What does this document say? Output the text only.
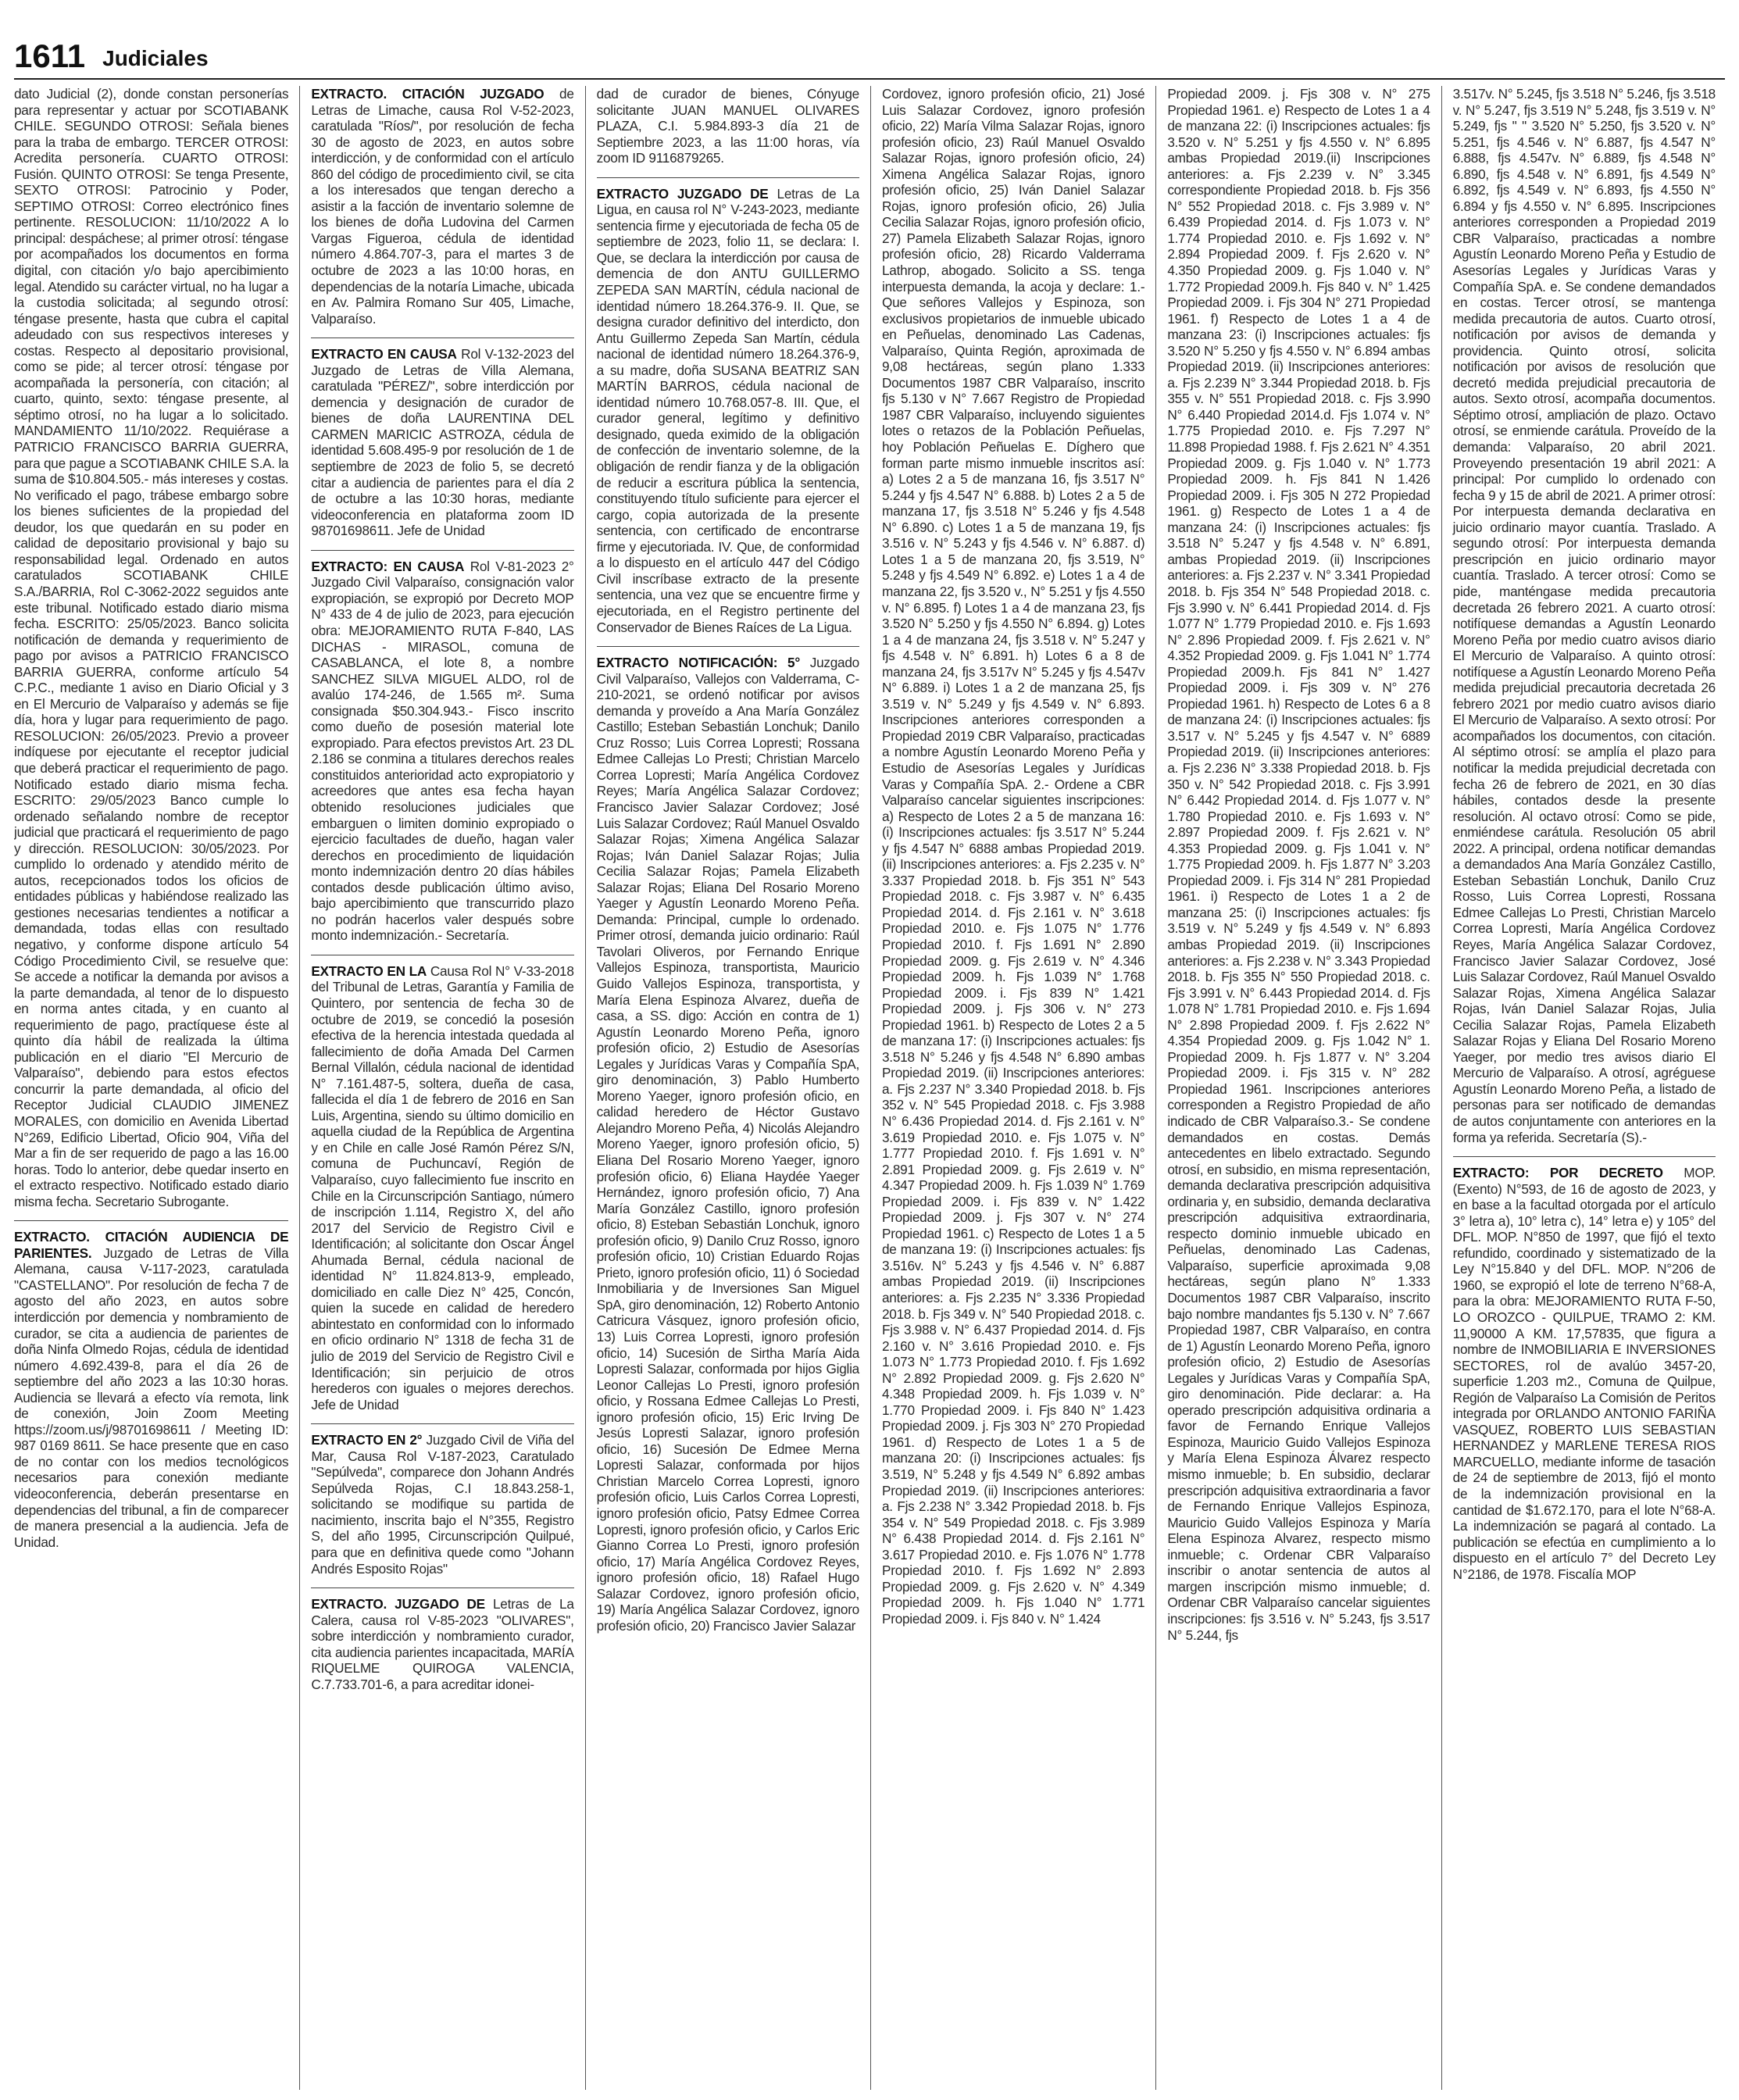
1611 Judiciales

dato Judicial (2), donde constan personerías para representar y actuar por SCOTIABANK CHILE. SEGUNDO OTROSI: Señala bienes para la traba de embargo. TERCER OTROSI: Acredita personería. CUARTO OTROSI: Fusión. QUINTO OTROSI: Se tenga Presente, SEXTO OTROSI: Patrocinio y Poder, SEPTIMO OTROSI: Correo electrónico fines pertinente. RESOLUCION: 11/10/2022 A lo principal: despáchese; al primer otrosí: téngase por acompañados los documentos en forma digital, con citación y/o bajo apercibimiento legal. Atendido su carácter virtual, no ha lugar a la custodia solicitada; al segundo otrosí: téngase presente, hasta que cubra el capital adeudado con sus respectivos intereses y costas. Respecto al depositario provisional, como se pide; al tercer otrosí: téngase por acompañada la personería, con citación; al cuarto, quinto, sexto: téngase presente, al séptimo otrosí, no ha lugar a lo solicitado. MANDAMIENTO 11/10/2022. Requiérase a PATRICIO FRANCISCO BARRIA GUERRA, para que pague a SCOTIABANK CHILE S.A. la suma de $10.804.505.- más intereses y costas. No verificado el pago, trábese embargo sobre los bienes suficientes de la propiedad del deudor, los que quedarán en su poder en calidad de depositario provisional y bajo su responsabilidad legal. Ordenado en autos caratulados SCOTIABANK CHILE S.A./BARRIA, Rol C-3062-2022 seguidos ante este tribunal. Notificado estado diario misma fecha. ESCRITO: 25/05/2023. Banco solicita notificación de demanda y requerimiento de pago por avisos a PATRICIO FRANCISCO BARRIA GUERRA, conforme artículo 54 C.P.C., mediante 1 aviso en Diario Oficial y 3 en El Mercurio de Valparaíso y además se fije día, hora y lugar para requerimiento de pago. RESOLUCION: 26/05/2023. Previo a proveer indíquese por ejecutante el receptor judicial que deberá practicar el requerimiento de pago. Notificado estado diario misma fecha. ESCRITO: 29/05/2023 Banco cumple lo ordenado señalando nombre de receptor judicial que practicará el requerimiento de pago y dirección. RESOLUCION: 30/05/2023. Por cumplido lo ordenado y atendido mérito de autos, recepcionados todos los oficios de entidades públicas y habiéndose realizado las gestiones necesarias tendientes a notificar a demandada, todas ellas con resultado negativo, y conforme dispone artículo 54 Código Procedimiento Civil, se resuelve que: Se accede a notificar la demanda por avisos a la parte demandada, al tenor de lo dispuesto en norma antes citada, y en cuanto al requerimiento de pago, practíquese éste al quinto día hábil de realizada la última publicación en el diario "El Mercurio de Valparaíso", debiendo para estos efectos concurrir la parte demandada, al oficio del Receptor Judicial CLAUDIO JIMENEZ MORALES, con domicilio en Avenida Libertad N°269, Edificio Libertad, Oficio 904, Viña del Mar a fin de ser requerido de pago a las 16.00 horas. Todo lo anterior, debe quedar inserto en el extracto respectivo. Notificado estado diario misma fecha. Secretario Subrogante.

EXTRACTO. CITACIÓN AUDIENCIA DE PARIENTES. Juzgado de Letras de Villa Alemana, causa V-117-2023, caratulada "CASTELLANO". Por resolución de fecha 7 de agosto del año 2023, en autos sobre interdicción por demencia y nombramiento de curador, se cita a audiencia de parientes de doña Ninfa Olmedo Rojas, cédula de identidad número 4.692.439-8, para el día 26 de septiembre del año 2023 a las 10:30 horas. Audiencia se llevará a efecto vía remota, link de conexión, Join Zoom Meeting https://zoom.us/j/98701698611 / Meeting ID: 987 0169 8611. Se hace presente que en caso de no contar con los medios tecnológicos necesarios para conexión mediante videoconferencia, deberán presentarse en dependencias del tribunal, a fin de comparecer de manera presencial a la audiencia. Jefa de Unidad.

EXTRACTO. CITACIÓN JUZGADO de Letras de Limache, causa Rol V-52-2023, caratulada "Ríos/", por resolución de fecha 30 de agosto de 2023, en autos sobre interdicción, y de conformidad con el artículo 860 del código de procedimiento civil, se cita a los interesados que tengan derecho a asistir a la facción de inventario solemne de los bienes de doña Ludovina del Carmen Vargas Figueroa, cédula de identidad número 4.864.707-3, para el martes 3 de octubre de 2023 a las 10:00 horas, en dependencias de la notaría Limache, ubicada en Av. Palmira Romano Sur 405, Limache, Valparaíso.

EXTRACTO EN CAUSA Rol V-132-2023 del Juzgado de Letras de Villa Alemana, caratulada "PÉREZ/", sobre interdicción por demencia y designación de curador de bienes de doña LAURENTINA DEL CARMEN MARICIC ASTROZA, cédula de identidad 5.608.495-9 por resolución de 1 de septiembre de 2023 de folio 5, se decretó citar a audiencia de parientes para el día 2 de octubre a las 10:30 horas, mediante videoconferencia en plataforma zoom ID 98701698611. Jefe de Unidad

EXTRACTO: EN CAUSA Rol V-81-2023 2° Juzgado Civil Valparaíso, consignación valor expropiación, se expropió por Decreto MOP N° 433 de 4 de julio de 2023, para ejecución obra: MEJORAMIENTO RUTA F-840, LAS DICHAS - MIRASOL, comuna de CASABLANCA, el lote 8, a nombre SANCHEZ SILVA MIGUEL ALDO, rol de avalúo 174-246, de 1.565 m². Suma consignada $50.304.943.- Fisco inscrito como dueño de posesión material lote expropiado. Para efectos previstos Art. 23 DL 2.186 se conmina a titulares derechos reales constituidos anterioridad acto expropiatorio y acreedores que antes esa fecha hayan obtenido resoluciones judiciales que embarguen o limiten dominio expropiado o ejercicio facultades de dueño, hagan valer derechos en procedimiento de liquidación monto indemnización dentro 20 días hábiles contados desde publicación último aviso, bajo apercibimiento que transcurrido plazo no podrán hacerlos valer después sobre monto indemnización.- Secretaría.

EXTRACTO EN LA Causa Rol N° V-33-2018 del Tribunal de Letras, Garantía y Familia de Quintero, por sentencia de fecha 30 de octubre de 2019, se concedió la posesión efectiva de la herencia intestada quedada al fallecimiento de doña Amada Del Carmen Bernal Villalón, cédula nacional de identidad N° 7.161.487-5, soltera, dueña de casa, fallecida el día 1 de febrero de 2016 en San Luis, Argentina, siendo su último domicilio en aquella ciudad de la República de Argentina y en Chile en calle José Ramón Pérez S/N, comuna de Puchuncaví, Región de Valparaíso, cuyo fallecimiento fue inscrito en Chile en la Circunscripción Santiago, número de inscripción 1.114, Registro X, del año 2017 del Servicio de Registro Civil e Identificación; al solicitante don Oscar Ángel Ahumada Bernal, cédula nacional de identidad N° 11.824.813-9, empleado, domiciliado en calle Diez N° 425, Concón, quien la sucede en calidad de heredero abintestato en conformidad con lo informado en oficio ordinario N° 1318 de fecha 31 de julio de 2019 del Servicio de Registro Civil e Identificación; sin perjuicio de otros herederos con iguales o mejores derechos. Jefe de Unidad

EXTRACTO EN 2° Juzgado Civil de Viña del Mar, Causa Rol V-187-2023, Caratulado "Sepúlveda", comparece don Johann Andrés Sepúlveda Rojas, C.I 18.843.258-1, solicitando se modifique su partida de nacimiento, inscrita bajo el N°355, Registro S, del año 1995, Circunscripción Quilpué, para que en definitiva quede como "Johann Andrés Esposito Rojas"

EXTRACTO. JUZGADO DE Letras de La Calera, causa rol V-85-2023 "OLIVARES", sobre interdicción y nombramiento curador, cita audiencia parientes incapacitada, MARÍA RIQUELME QUIROGA VALENCIA, C.7.733.701-6, a para acreditar idonei-

dad de curador de bienes, Cónyuge solicitante JUAN MANUEL OLIVARES PLAZA, C.I. 5.984.893-3 día 21 de Septiembre 2023, a las 11:00 horas, vía zoom ID 9116879265.

EXTRACTO JUZGADO DE Letras de La Ligua, en causa rol N° V-243-2023, mediante sentencia firme y ejecutoriada de fecha 05 de septiembre de 2023, folio 11, se declara: I. Que, se declara la interdicción por causa de demencia de don ANTU GUILLERMO ZEPEDA SAN MARTÍN, cédula nacional de identidad número 18.264.376-9. II. Que, se designa curador definitivo del interdicto, don Antu Guillermo Zepeda San Martín, cédula nacional de identidad número 18.264.376-9, a su madre, doña SUSANA BEATRIZ SAN MARTÍN BARROS, cédula nacional de identidad número 10.768.057-8. III. Que, el curador general, legítimo y definitivo designado, queda eximido de la obligación de confección de inventario solemne, de la obligación de rendir fianza y de la obligación de reducir a escritura pública la sentencia, constituyendo título suficiente para ejercer el cargo, copia autorizada de la presente sentencia, con certificado de encontrarse firme y ejecutoriada. IV. Que, de conformidad a lo dispuesto en el artículo 447 del Código Civil inscríbase extracto de la presente sentencia, una vez que se encuentre firme y ejecutoriada, en el Registro pertinente del Conservador de Bienes Raíces de La Ligua.

EXTRACTO NOTIFICACIÓN: 5° Juzgado Civil Valparaíso, Vallejos con Valderrama, C-210-2021, se ordenó notificar por avisos demanda y proveído a Ana María González Castillo; Esteban Sebastián Lonchuk; Danilo Cruz Rosso; Luis Correa Lopresti; Rossana Edmee Callejas Lo Presti; Christian Marcelo Correa Lopresti; María Angélica Cordovez Reyes; María Angélica Salazar Cordovez; Francisco Javier Salazar Cordovez; José Luis Salazar Cordovez; Raúl Manuel Osvaldo Salazar Rojas; Ximena Angélica Salazar Rojas; Iván Daniel Salazar Rojas; Julia Cecilia Salazar Rojas; Pamela Elizabeth Salazar Rojas; Eliana Del Rosario Moreno Yaeger y Agustín Leonardo Moreno Peña. Demanda: Principal, cumple lo ordenado. Primer otrosí, demanda juicio ordinario: Raúl Tavolari Oliveros, por Fernando Enrique Vallejos Espinoza, transportista, Mauricio Guido Vallejos Espinoza, transportista, y María Elena Espinoza Alvarez, dueña de casa, a SS. digo: Acción en contra de 1) Agustín Leonardo Moreno Peña, ignoro profesión oficio, 2) Estudio de Asesorías Legales y Jurídicas Varas y Compañía SpA, giro denominación, 3) Pablo Humberto Moreno Yaeger, ignoro profesión oficio, en calidad heredero de Héctor Gustavo Alejandro Moreno Peña, 4) Nicolás Alejandro Moreno Yaeger, ignoro profesión oficio, 5) Eliana Del Rosario Moreno Yaeger, ignoro profesión oficio, 6) Eliana Haydée Yaeger Hernández, ignoro profesión oficio, 7) Ana María González Castillo, ignoro profesión oficio, 8) Esteban Sebastián Lonchuk, ignoro profesión oficio, 9) Danilo Cruz Rosso, ignoro profesión oficio, 10) Cristian Eduardo Rojas Prieto, ignoro profesión oficio, 11) ó Sociedad Inmobiliaria y de Inversiones San Miguel SpA, giro denominación, 12) Roberto Antonio Catricura Vásquez, ignoro profesión oficio, 13) Luis Correa Lopresti, ignoro profesión oficio, 14) Sucesión de Sirtha María Aida Lopresti Salazar, conformada por hijos Giglia Leonor Callejas Lo Presti, ignoro profesión oficio, y Rossana Edmee Callejas Lo Presti, ignoro profesión oficio, 15) Eric Irving De Jesús Lopresti Salazar, ignoro profesión oficio, 16) Sucesión De Edmee Merna Lopresti Salazar, conformada por hijos Christian Marcelo Correa Lopresti, ignoro profesión oficio, Luis Carlos Correa Lopresti, ignoro profesión oficio, Patsy Edmee Correa Lopresti, ignoro profesión oficio, y Carlos Eric Gianno Correa Lo Presti, ignoro profesión oficio, 17) María Angélica Cordovez Reyes, ignoro profesión oficio, 18) Rafael Hugo Salazar Cordovez, ignoro profesión oficio, 19) María Angélica Salazar Cordovez, ignoro profesión oficio, 20) Francisco Javier Salazar

Cordovez, ignoro profesión oficio, 21) José Luis Salazar Cordovez, ignoro profesión oficio, 22) María Vilma Salazar Rojas, ignoro profesión oficio, 23) Raúl Manuel Osvaldo Salazar Rojas, ignoro profesión oficio, 24) Ximena Angélica Salazar Rojas, ignoro profesión oficio, 25) Iván Daniel Salazar Rojas, ignoro profesión oficio, 26) Julia Cecilia Salazar Rojas, ignoro profesión oficio, 27) Pamela Elizabeth Salazar Rojas, ignoro profesión oficio, 28) Ricardo Valderrama Lathrop, abogado. Solicito a SS. tenga interpuesta demanda, la acoja y declare: 1.- Que señores Vallejos y Espinoza, son exclusivos propietarios de inmueble ubicado en Peñuelas, denominado Las Cadenas, Valparaíso, Quinta Región, aproximada de 9,08 hectáreas, según plano 1.333 Documentos 1987 CBR Valparaíso, inscrito fjs 5.130 v N° 7.667 Registro de Propiedad 1987 CBR Valparaíso, incluyendo siguientes lotes o retazos de la Población Peñuelas, hoy Población Peñuelas E. Díghero que forman parte mismo inmueble inscritos así: a) Lotes 2 a 5 de manzana 16, fjs 3.517 N° 5.244 y fjs 4.547 N° 6.888. b) Lotes 2 a 5 de manzana 17, fjs 3.518 N° 5.246 y fjs 4.548 N° 6.890. c) Lotes 1 a 5 de manzana 19, fjs 3.516 v. N° 5.243 y fjs 4.546 v. N° 6.887. d) Lotes 1 a 5 de manzana 20, fjs 3.519, N° 5.248 y fjs 4.549 N° 6.892. e) Lotes 1 a 4 de manzana 22, fjs 3.520 v., N° 5.251 y fjs 4.550 v. N° 6.895. f) Lotes 1 a 4 de manzana 23, fjs 3.520 N° 5.250 y fjs 4.550 N° 6.894. g) Lotes 1 a 4 de manzana 24, fjs 3.518 v. N° 5.247 y fjs 4.548 v. N° 6.891. h) Lotes 6 a 8 de manzana 24, fjs 3.517v N° 5.245 y fjs 4.547v N° 6.889. i) Lotes 1 a 2 de manzana 25, fjs 3.519 v. N° 5.249 y fjs 4.549 v. N° 6.893. Inscripciones anteriores corresponden a Propiedad 2019 CBR Valparaíso, practicadas a nombre Agustín Leonardo Moreno Peña y Estudio de Asesorías Legales y Jurídicas Varas y Compañía SpA. 2.- Ordene a CBR Valparaíso cancelar siguientes inscripciones: a) Respecto de Lotes 2 a 5 de manzana 16: (i) Inscripciones actuales: fjs 3.517 N° 5.244 y fjs 4.547 N° 6888 ambas Propiedad 2019. (ii) Inscripciones anteriores: a. Fjs 2.235 v. N° 3.337 Propiedad 2018. b. Fjs 351 N° 543 Propiedad 2018. c. Fjs 3.987 v. N° 6.435 Propiedad 2014. d. Fjs 2.161 v. N° 3.618 Propiedad 2010. e. Fjs 1.075 N° 1.776 Propiedad 2010. f. Fjs 1.691 N° 2.890 Propiedad 2009. g. Fjs 2.619 v. N° 4.346 Propiedad 2009. h. Fjs 1.039 N° 1.768 Propiedad 2009. i. Fjs 839 N° 1.421 Propiedad 2009. j. Fjs 306 v. N° 273 Propiedad 1961. b) Respecto de Lotes 2 a 5 de manzana 17: (i) Inscripciones actuales: fjs 3.518 N° 5.246 y fjs 4.548 N° 6.890 ambas Propiedad 2019. (ii) Inscripciones anteriores: a. Fjs 2.237 N° 3.340 Propiedad 2018. b. Fjs 352 v. N° 545 Propiedad 2018. c. Fjs 3.988 N° 6.436 Propiedad 2014. d. Fjs 2.161 v. N° 3.619 Propiedad 2010. e. Fjs 1.075 v. N° 1.777 Propiedad 2010. f. Fjs 1.691 v. N° 2.891 Propiedad 2009. g. Fjs 2.619 v. N° 4.347 Propiedad 2009. h. Fjs 1.039 N° 1.769 Propiedad 2009. i. Fjs 839 v. N° 1.422 Propiedad 2009. j. Fjs 307 v. N° 274 Propiedad 1961. c) Respecto de Lotes 1 a 5 de manzana 19: (i) Inscripciones actuales: fjs 3.516v. N° 5.243 y fjs 4.546 v. N° 6.887 ambas Propiedad 2019. (ii) Inscripciones anteriores: a. Fjs 2.235 N° 3.336 Propiedad 2018. b. Fjs 349 v. N° 540 Propiedad 2018. c. Fjs 3.988 v. N° 6.437 Propiedad 2014. d. Fjs 2.160 v. N° 3.616 Propiedad 2010. e. Fjs 1.073 N° 1.773 Propiedad 2010. f. Fjs 1.692 N° 2.892 Propiedad 2009. g. Fjs 2.620 N° 4.348 Propiedad 2009. h. Fjs 1.039 v. N° 1.770 Propiedad 2009. i. Fjs 840 N° 1.423 Propiedad 2009. j. Fjs 303 N° 270 Propiedad 1961. d) Respecto de Lotes 1 a 5 de manzana 20: (i) Inscripciones actuales: fjs 3.519, N° 5.248 y fjs 4.549 N° 6.892 ambas Propiedad 2019. (ii) Inscripciones anteriores: a. Fjs 2.238 N° 3.342 Propiedad 2018. b. Fjs 354 v. N° 549 Propiedad 2018. c. Fjs 3.989 N° 6.438 Propiedad 2014. d. Fjs 2.161 N° 3.617 Propiedad 2010. e. Fjs 1.076 N° 1.778 Propiedad 2010. f. Fjs 1.692 N° 2.893 Propiedad 2009. g. Fjs 2.620 v. N° 4.349 Propiedad 2009. h. Fjs 1.040 N° 1.771 Propiedad 2009. i. Fjs 840 v. N° 1.424

Propiedad 2009. j. Fjs 308 v. N° 275 Propiedad 1961. e) Respecto de Lotes 1 a 4 de manzana 22: (i) Inscripciones actuales: fjs 3.520 v. N° 5.251 y fjs 4.550 v. N° 6.895 ambas Propiedad 2019.(ii) Inscripciones anteriores: a. Fjs 2.239 v. N° 3.345 correspondiente Propiedad 2018. b. Fjs 356 N° 552 Propiedad 2018. c. Fjs 3.989 v. N° 6.439 Propiedad 2014. d. Fjs 1.073 v. N° 1.774 Propiedad 2010. e. Fjs 1.692 v. N° 2.894 Propiedad 2009. f. Fjs 2.620 v. N° 4.350 Propiedad 2009. g. Fjs 1.040 v. N° 1.772 Propiedad 2009.h. Fjs 840 v. N° 1.425 Propiedad 2009. i. Fjs 304 N° 271 Propiedad 1961. f) Respecto de Lotes 1 a 4 de manzana 23: (i) Inscripciones actuales: fjs 3.520 N° 5.250 y fjs 4.550 v. N° 6.894 ambas Propiedad 2019. (ii) Inscripciones anteriores: a. Fjs 2.239 N° 3.344 Propiedad 2018. b. Fjs 355 v. N° 551 Propiedad 2018. c. Fjs 3.990 N° 6.440 Propiedad 2014.d. Fjs 1.074 v. N° 1.775 Propiedad 2010. e. Fjs 7.297 N° 11.898 Propiedad 1988. f. Fjs 2.621 N° 4.351 Propiedad 2009. g. Fjs 1.040 v. N° 1.773 Propiedad 2009. h. Fjs 841 N 1.426 Propiedad 2009. i. Fjs 305 N 272 Propiedad 1961. g) Respecto de Lotes 1 a 4 de manzana 24: (i) Inscripciones actuales: fjs 3.518 N° 5.247 y fjs 4.548 v. N° 6.891, ambas Propiedad 2019. (ii) Inscripciones anteriores: a. Fjs 2.237 v. N° 3.341 Propiedad 2018. b. Fjs 354 N° 548 Propiedad 2018. c. Fjs 3.990 v. N° 6.441 Propiedad 2014. d. Fjs 1.077 N° 1.779 Propiedad 2010. e. Fjs 1.693 N° 2.896 Propiedad 2009. f. Fjs 2.621 v. N° 4.352 Propiedad 2009. g. Fjs 1.041 N° 1.774 Propiedad 2009.h. Fjs 841 N° 1.427 Propiedad 2009. i. Fjs 309 v. N° 276 Propiedad 1961. h) Respecto de Lotes 6 a 8 de manzana 24: (i) Inscripciones actuales: fjs 3.517 v. N° 5.245 y fjs 4.547 v. N° 6889 Propiedad 2019. (ii) Inscripciones anteriores: a. Fjs 2.236 N° 3.338 Propiedad 2018. b. Fjs 350 v. N° 542 Propiedad 2018. c. Fjs 3.991 N° 6.442 Propiedad 2014. d. Fjs 1.077 v. N° 1.780 Propiedad 2010. e. Fjs 1.693 v. N° 2.897 Propiedad 2009. f. Fjs 2.621 v. N° 4.353 Propiedad 2009. g. Fjs 1.041 v. N° 1.775 Propiedad 2009. h. Fjs 1.877 N° 3.203 Propiedad 2009. i. Fjs 314 N° 281 Propiedad 1961. i) Respecto de Lotes 1 a 2 de manzana 25: (i) Inscripciones actuales: fjs 3.519 v. N° 5.249 y fjs 4.549 v. N° 6.893 ambas Propiedad 2019. (ii) Inscripciones anteriores: a. Fjs 2.238 v. N° 3.343 Propiedad 2018. b. Fjs 355 N° 550 Propiedad 2018. c. Fjs 3.991 v. N° 6.443 Propiedad 2014. d. Fjs 1.078 N° 1.781 Propiedad 2010. e. Fjs 1.694 N° 2.898 Propiedad 2009. f. Fjs 2.622 N° 4.354 Propiedad 2009. g. Fjs 1.042 N° 1. Propiedad 2009. h. Fjs 1.877 v. N° 3.204 Propiedad 2009. i. Fjs 315 v. N° 282 Propiedad 1961. Inscripciones anteriores corresponden a Registro Propiedad de año indicado de CBR Valparaíso.3.- Se condene demandados en costas. Demás antecedentes en libelo extractado. Segundo otrosí, en subsidio, en misma representación, demanda declarativa prescripción adquisitiva ordinaria y, en subsidio, demanda declarativa prescripción adquisitiva extraordinaria, respecto dominio inmueble ubicado en Peñuelas, denominado Las Cadenas, Valparaíso, superficie aproximada 9,08 hectáreas, según plano N° 1.333 Documentos 1987 CBR Valparaíso, inscrito bajo nombre mandantes fjs 5.130 v. N° 7.667 Propiedad 1987, CBR Valparaíso, en contra de 1) Agustín Leonardo Moreno Peña, ignoro profesión oficio, 2) Estudio de Asesorías Legales y Jurídicas Varas y Compañía SpA, giro denominación. Pide declarar: a. Ha operado prescripción adquisitiva ordinaria a favor de Fernando Enrique Vallejos Espinoza, Mauricio Guido Vallejos Espinoza y María Elena Espinoza Álvarez respecto mismo inmueble; b. En subsidio, declarar prescripción adquisitiva extraordinaria a favor de Fernando Enrique Vallejos Espinoza, Mauricio Guido Vallejos Espinoza y María Elena Espinoza Alvarez, respecto mismo inmueble; c. Ordenar CBR Valparaíso inscribir o anotar sentencia de autos al margen inscripción mismo inmueble; d. Ordenar CBR Valparaíso cancelar siguientes inscripciones: fjs 3.516 v. N° 5.243, fjs 3.517 N° 5.244, fjs

3.517v. N° 5.245, fjs 3.518 N° 5.246, fjs 3.518 v. N° 5.247, fjs 3.519 N° 5.248, fjs 3.519 v. N° 5.249, fjs " " 3.520 N° 5.250, fjs 3.520 v. N° 5.251, fjs 4.546 v. N° 6.887, fjs 4.547 N° 6.888, fjs 4.547v. N° 6.889, fjs 4.548 N° 6.890, fjs 4.548 v. N° 6.891, fjs 4.549 N° 6.892, fjs 4.549 v. N° 6.893, fjs 4.550 N° 6.894 y fjs 4.550 v. N° 6.895. Inscripciones anteriores corresponden a Propiedad 2019 CBR Valparaíso, practicadas a nombre Agustín Leonardo Moreno Peña y Estudio de Asesorías Legales y Jurídicas Varas y Compañía SpA. e. Se condene demandados en costas. Tercer otrosí, se mantenga medida precautoria de autos. Cuarto otrosí, notificación por avisos de demanda y providencia. Quinto otrosí, solicita notificación por avisos de resolución que decretó medida prejudicial precautoria de autos. Sexto otrosí, acompaña documentos. Séptimo otrosí, ampliación de plazo. Octavo otrosí, se enmiende carátula. Proveído de la demanda: Valparaíso, 20 abril 2021. Proveyendo presentación 19 abril 2021: A principal: Por cumplido lo ordenado con fecha 9 y 15 de abril de 2021. A primer otrosí: Por interpuesta demanda declarativa en juicio ordinario mayor cuantía. Traslado. A segundo otrosí: Por interpuesta demanda prescripción en juicio ordinario mayor cuantía. Traslado. A tercer otrosí: Como se pide, manténgase medida precautoria decretada 26 febrero 2021. A cuarto otrosí: notifíquese demandas a Agustín Leonardo Moreno Peña por medio cuatro avisos diario El Mercurio de Valparaíso. A quinto otrosí: notifíquese a Agustín Leonardo Moreno Peña medida prejudicial precautoria decretada 26 febrero 2021 por medio cuatro avisos diario El Mercurio de Valparaíso. A sexto otrosí: Por acompañados los documentos, con citación. Al séptimo otrosí: se amplía el plazo para notificar la medida prejudicial decretada con fecha 26 de febrero de 2021, en 30 días hábiles, contados desde la presente resolución. Al octavo otrosí: Como se pide, enmiéndese carátula. Resolución 05 abril 2022. A principal, ordena notificar demandas a demandados Ana María González Castillo, Esteban Sebastián Lonchuk, Danilo Cruz Rosso, Luis Correa Lopresti, Rossana Edmee Callejas Lo Presti, Christian Marcelo Correa Lopresti, María Angélica Cordovez Reyes, María Angélica Salazar Cordovez, Francisco Javier Salazar Cordovez, José Luis Salazar Cordovez, Raúl Manuel Osvaldo Salazar Rojas, Ximena Angélica Salazar Rojas, Iván Daniel Salazar Rojas, Julia Cecilia Salazar Rojas, Pamela Elizabeth Salazar Rojas y Eliana Del Rosario Moreno Yaeger, por medio tres avisos diario El Mercurio de Valparaíso. A otrosí, agréguese Agustín Leonardo Moreno Peña, a listado de personas para ser notificado de demandas de autos conjuntamente con anteriores en la forma ya referida. Secretaría (S).-

EXTRACTO: POR DECRETO MOP. (Exento) N°593, de 16 de agosto de 2023, y en base a la facultad otorgada por el artículo 3° letra a), 10° letra c), 14° letra e) y 105° del DFL. MOP. N°850 de 1997, que fijó el texto refundido, coordinado y sistematizado de la Ley N°15.840 y del DFL. MOP. N°206 de 1960, se expropió el lote de terreno N°68-A, para la obra: MEJORAMIENTO RUTA F-50, LO OROZCO - QUILPUE, TRAMO 2: KM. 11,90000 A KM. 17,57835, que figura a nombre de INMOBILIARIA E INVERSIONES SECTORES, rol de avalúo 3457-20, superficie 1.203 m2., Comuna de Quilpue, Región de Valparaíso La Comisión de Peritos integrada por ORLANDO ANTONIO FARIÑA VASQUEZ, ROBERTO LUIS SEBASTIAN HERNANDEZ y MARLENE TERESA RIOS MARCUELLO, mediante informe de tasación de 24 de septiembre de 2013, fijó el monto de la indemnización provisional en la cantidad de $1.672.170, para el lote N°68-A. La indemnización se pagará al contado. La publicación se efectúa en cumplimiento a lo dispuesto en el artículo 7° del Decreto Ley N°2186, de 1978. Fiscalía MOP
